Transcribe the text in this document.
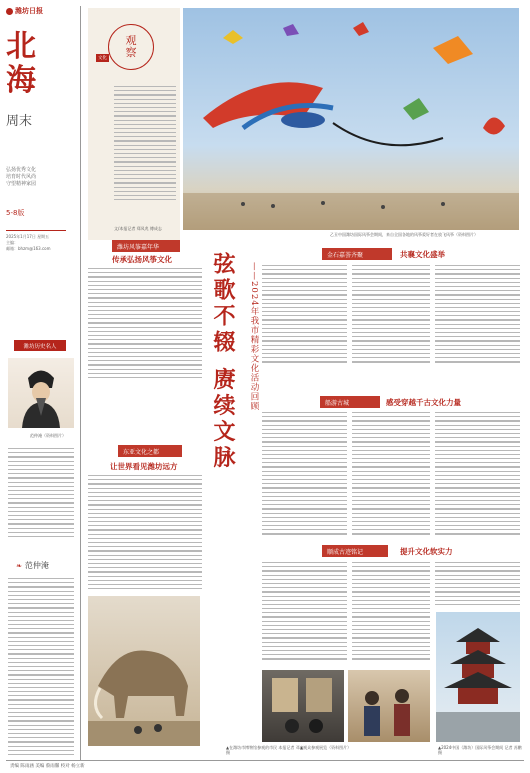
潍坊日报
北
海
周末
弘扬优秀文化
培育时代风尚
守望精神家园
5-8版
2025年1月17日 星期五
主编：
邮箱：bhzm@163.com
潍坊历史名人
范仲淹（资料图片）
❧ 范仲淹
观
察
文化
文/本报记者 郑凤兆 傅成志
乙丑中国潍坊国际风筝会期间，来自全国各地的风筝爱好者在放飞风筝（资料图片）
潍坊风筝嘉年华
传承弘扬风筝文化 弦歌不辍 赓续文脉	——2024年我市精彩文化活动回顾
金石嘉荟齐聚	共襄文化盛举
东亚文化之都
让世界看见潍坊远方
▲在潍坊市博物馆参观的市民 本报记者 邓亮 摄
船游古城	感受穿越千古文化力量
顺成古迹铭记	提升文化软实力
▲观众参观展览（资料图片）	▲2024中国（潍坊）国际风筝会期间 记者 苏鹏 摄
责编 陈雨涵 美编 蔡雨馨 校对 杨立新
